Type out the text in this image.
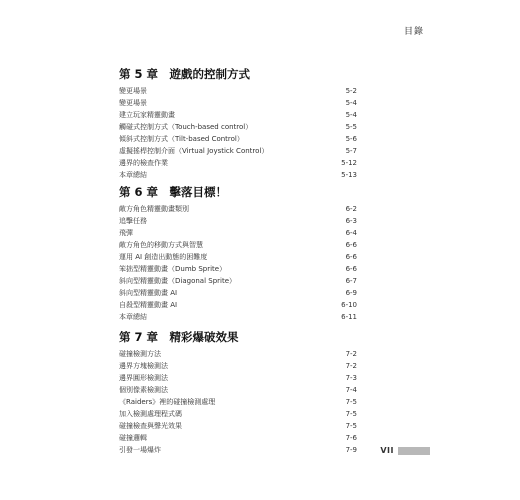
目錄
第 5 章　遊戲的控制方式
變更場景	5-2
變更場景	5-4
建立玩家精靈動畫	5-4
觸碰式控制方式（Touch-based control）	5-5
傾斜式控制方式（Tilt-based Control）	5-6
虛擬搖桿控制介面（Virtual Joystick Control）	5-7
邊界的檢查作業	5-12
本章總結	5-13
第 6 章　擊落目標！
敵方角色精靈動畫類別	6-2
追擊任務	6-3
飛彈	6-4
敵方角色的移動方式與智慧	6-6
運用 AI 創造出動態的困難度	6-6
笨拙型精靈動畫（Dumb Sprite）	6-6
斜向型精靈動畫（Diagonal Sprite）	6-7
斜向型精靈動畫 AI	6-9
自殺型精靈動畫 AI	6-10
本章總結	6-11
第 7 章　精彩爆破效果
碰撞檢測方法	7-2
邊界方塊檢測法	7-2
邊界圓形檢測法	7-3
個別像素檢測法	7-4
《Raiders》裡的碰撞檢測處理	7-5
加入檢測處理程式碼	7-5
碰撞檢查與聲光效果	7-5
碰撞邏輯	7-6
引發一場爆炸	7-9	VII
